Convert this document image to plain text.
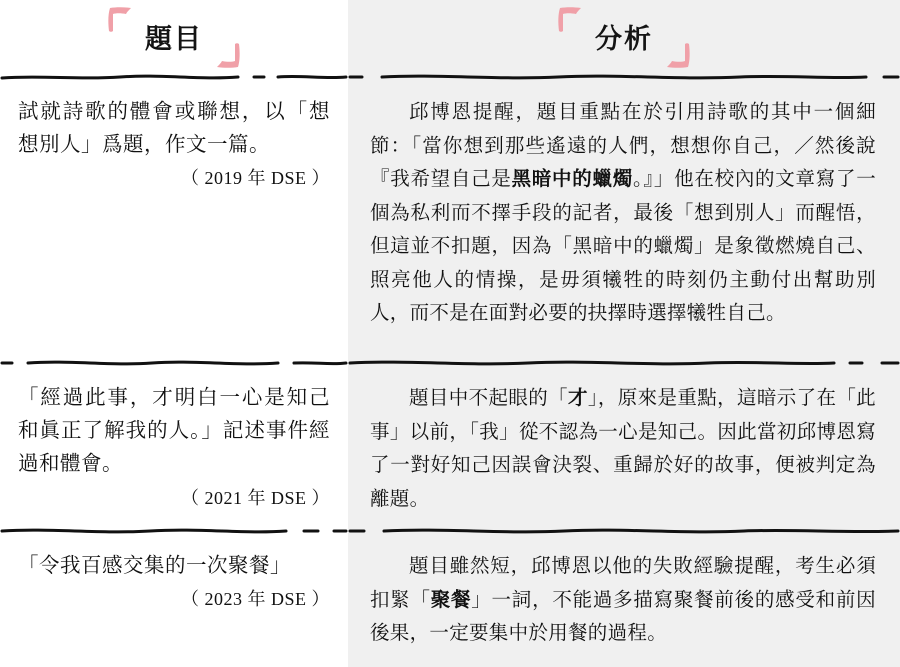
題目
試就詩歌的體會或聯想，以「想想別人」爲題，作文一篇。
（ 2019 年 DSE ）
「經過此事，才明白一心是知己和眞正了解我的人。」記述事件經過和體會。
（ 2021 年 DSE ）
「令我百感交集的一次聚餐」
（ 2023 年 DSE ）
分析
邱博恩提醒，題目重點在於引用詩歌的其中一個細節：「當你想到那些遙遠的人們，想想你自己，／然後說『我希望自己是黑暗中的蠟燭。』」他在校內的文章寫了一個為私利而不擇手段的記者，最後「想到別人」而醒悟，但這並不扣題，因為「黑暗中的蠟燭」是象徵燃燒自己、照亮他人的情操，是毋須犧牲的時刻仍主動付出幫助別人，而不是在面對必要的抉擇時選擇犧牲自己。
題目中不起眼的「才」，原來是重點，這暗示了在「此事」以前，「我」從不認為一心是知己。因此當初邱博恩寫了一對好知己因誤會決裂、重歸於好的故事，便被判定為離題。
題目雖然短，邱博恩以他的失敗經驗提醒，考生必須扣緊「聚餐」一詞，不能過多描寫聚餐前後的感受和前因後果，一定要集中於用餐的過程。
